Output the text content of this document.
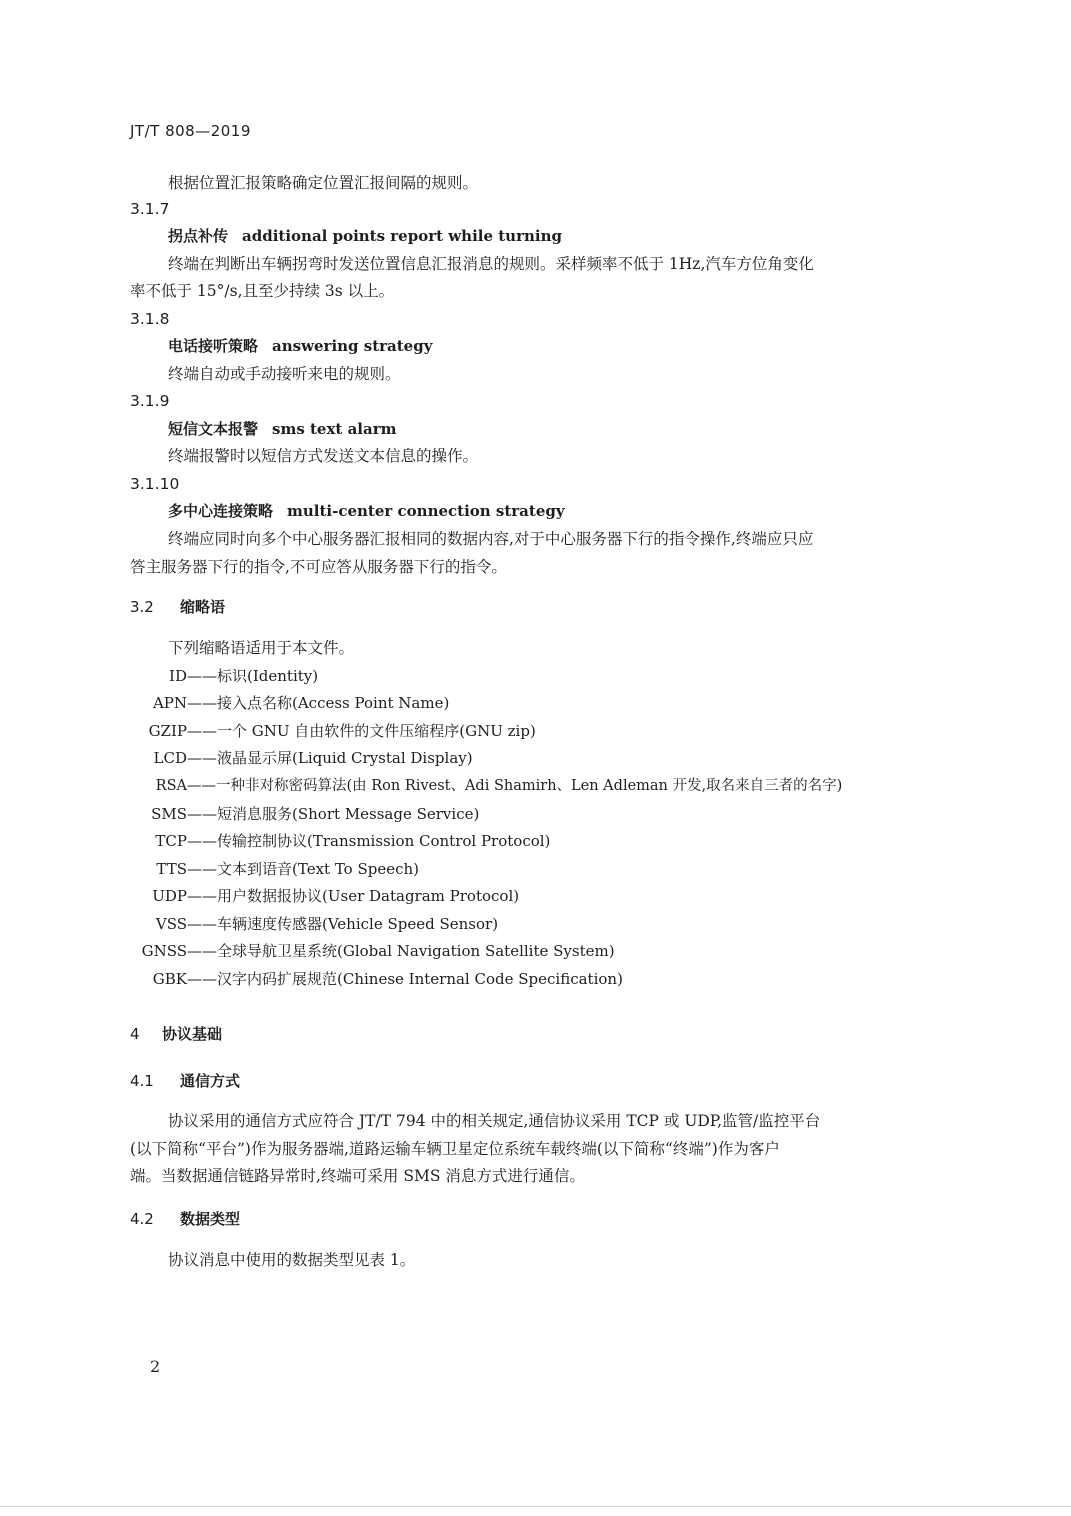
JT/T 808—2019
根据位置汇报策略确定位置汇报间隔的规则。
3.1.7
拐点补传 additional points report while turning
终端在判断出车辆拐弯时发送位置信息汇报消息的规则。采样频率不低于 1Hz,汽车方位角变化
率不低于 15°/s,且至少持续 3s 以上。
3.1.8
电话接听策略 answering strategy
终端自动或手动接听来电的规则。
3.1.9
短信文本报警 sms text alarm
终端报警时以短信方式发送文本信息的操作。
3.1.10
多中心连接策略 multi-center connection strategy
终端应同时向多个中心服务器汇报相同的数据内容,对于中心服务器下行的指令操作,终端应只应
答主服务器下行的指令,不可应答从服务器下行的指令。
3.2 缩略语
下列缩略语适用于本文件。
ID——标识(Identity)
APN——接入点名称(Access Point Name)
GZIP——一个 GNU 自由软件的文件压缩程序(GNU zip)
LCD——液晶显示屏(Liquid Crystal Display)
RSA——一种非对称密码算法(由 Ron Rivest、Adi Shamirh、Len Adleman 开发,取名来自三者的名字)
SMS——短消息服务(Short Message Service)
TCP——传输控制协议(Transmission Control Protocol)
TTS——文本到语音(Text To Speech)
UDP——用户数据报协议(User Datagram Protocol)
VSS——车辆速度传感器(Vehicle Speed Sensor)
GNSS——全球导航卫星系统(Global Navigation Satellite System)
GBK——汉字内码扩展规范(Chinese Internal Code Specification)
4 协议基础
4.1 通信方式
协议采用的通信方式应符合 JT/T 794 中的相关规定,通信协议采用 TCP 或 UDP,监管/监控平台
(以下简称“平台”)作为服务器端,道路运输车辆卫星定位系统车载终端(以下简称“终端”)作为客户
端。当数据通信链路异常时,终端可采用 SMS 消息方式进行通信。
4.2 数据类型
协议消息中使用的数据类型见表 1。
2
